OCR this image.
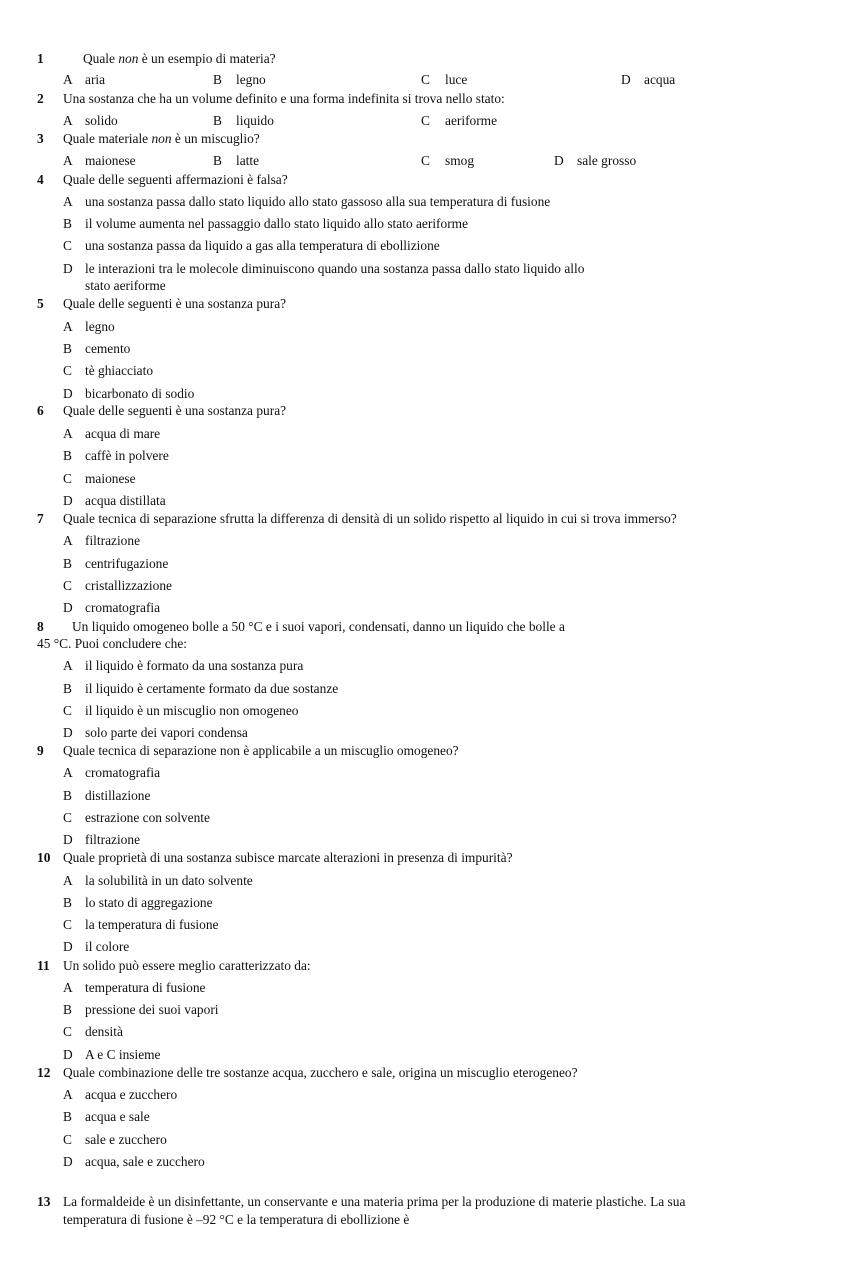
1	Quale non è un esempio di materia?
A aria	B legno	C luce	D acqua
2 Una sostanza che ha un volume definito e una forma indefinita si trova nello stato:
A solido	B liquido	C aeriforme
3 Quale materiale non è un miscuglio?
A maionese	B latte	C smog	D sale grosso
4 Quale delle seguenti affermazioni è falsa?
A una sostanza passa dallo stato liquido allo stato gassoso alla sua temperatura di fusione
B il volume aumenta nel passaggio dallo stato liquido allo stato aeriforme
C una sostanza passa da liquido a gas alla temperatura di ebollizione
D le interazioni tra le molecole diminuiscono quando una sostanza passa dallo stato liquido allo
stato aeriforme
5 Quale delle seguenti è una sostanza pura?
A legno
B cemento
C tè ghiacciato
D bicarbonato di sodio
6 Quale delle seguenti è una sostanza pura?
A acqua di mare
B caffè in polvere
C maionese
D acqua distillata
7 Quale tecnica di separazione sfrutta la differenza di densità di un solido rispetto al liquido in cui si trova immerso?
A filtrazione
B centrifugazione
C cristallizzazione
D cromatografia
8 Un liquido omogeneo bolle a 50 °C e i suoi vapori, condensati, danno un liquido che bolle a
45 °C. Puoi concludere che:
A il liquido è formato da una sostanza pura
B il liquido è certamente formato da due sostanze
C il liquido è un miscuglio non omogeneo
D solo parte dei vapori condensa
9 Quale tecnica di separazione non è applicabile a un miscuglio omogeneo?
A cromatografia
B distillazione
C estrazione con solvente
D filtrazione
10 Quale proprietà di una sostanza subisce marcate alterazioni in presenza di impurità?
A la solubilità in un dato solvente
B lo stato di aggregazione
C la temperatura di fusione
D il colore
11 Un solido può essere meglio caratterizzato da:
A temperatura di fusione
B pressione dei suoi vapori
C densità
D A e C insieme
12 Quale combinazione delle tre sostanze acqua, zucchero e sale, origina un miscuglio eterogeneo?
A acqua e zucchero
B acqua e sale
C sale e zucchero
D acqua, sale e zucchero
13 La formaldeide è un disinfettante, un conservante e una materia prima per la produzione di materie plastiche. La sua
temperatura di fusione è –92 °C e la temperatura di ebollizione è
